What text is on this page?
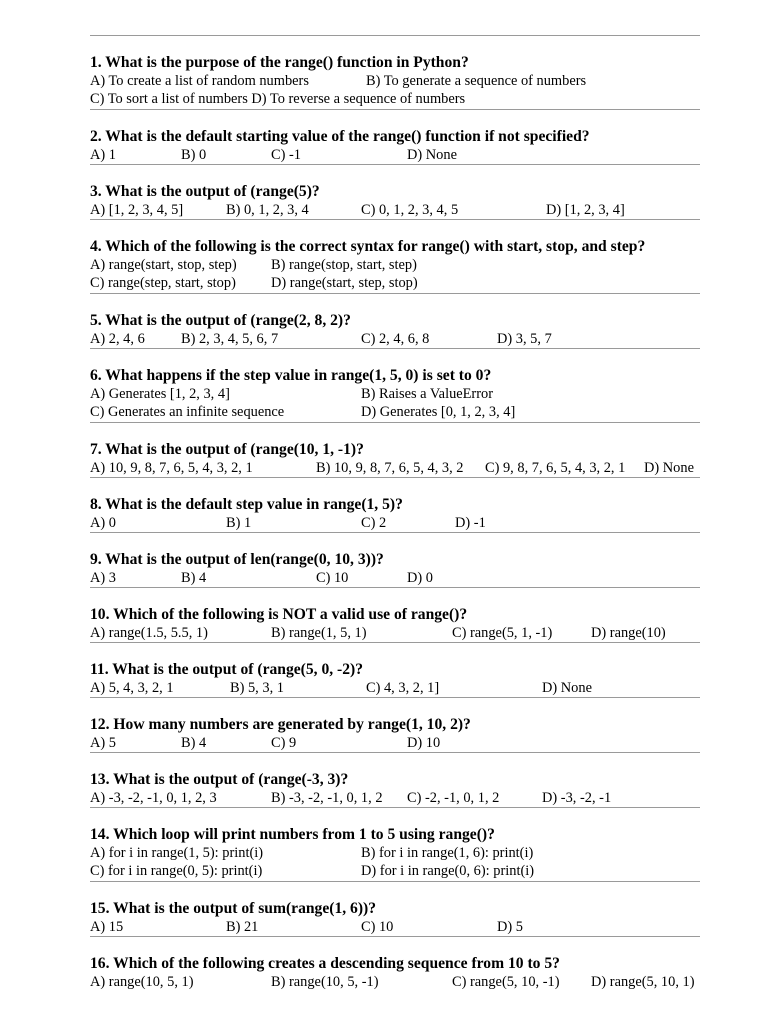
1. What is the purpose of the range() function in Python?
A) To create a list of random numbers	B) To generate a sequence of numbers
C) To sort a list of numbers D) To reverse a sequence of numbers
2. What is the default starting value of the range() function if not specified?
A) 1	B) 0	C) -1	D) None
3. What is the output of (range(5)?
A) [1, 2, 3, 4, 5]	B) 0, 1, 2, 3, 4	C) 0, 1, 2, 3, 4, 5	D) [1, 2, 3, 4]
4. Which of the following is the correct syntax for range() with start, stop, and step?
A) range(start, stop, step) B) range(stop, start, step)
C) range(step, start, stop) D) range(start, step, stop)
5. What is the output of (range(2, 8, 2)?
A) 2, 4, 6	B) 2, 3, 4, 5, 6, 7	C) 2, 4, 6, 8	D) 3, 5, 7
6. What happens if the step value in range(1, 5, 0) is set to 0?
A) Generates [1, 2, 3, 4]	B) Raises a ValueError
C) Generates an infinite sequence	D) Generates [0, 1, 2, 3, 4]
7. What is the output of (range(10, 1, -1)?
A) 10, 9, 8, 7, 6, 5, 4, 3, 2, 1	B) 10, 9, 8, 7, 6, 5, 4, 3, 2 C) 9, 8, 7, 6, 5, 4, 3, 2, 1 D) None
8. What is the default step value in range(1, 5)?
A) 0	B) 1	C) 2	D) -1
9. What is the output of len(range(0, 10, 3))?
A) 3	B) 4	C) 10	D) 0
10. Which of the following is NOT a valid use of range()?
A) range(1.5, 5.5, 1)	B) range(1, 5, 1)	C) range(5, 1, -1)	D) range(10)
11. What is the output of (range(5, 0, -2)?
A) 5, 4, 3, 2, 1	B) 5, 3, 1	C) 4, 3, 2, 1]	D) None
12. How many numbers are generated by range(1, 10, 2)?
A) 5	B) 4	C) 9	D) 10
13. What is the output of (range(-3, 3)?
A) -3, -2, -1, 0, 1, 2, 3	B) -3, -2, -1, 0, 1, 2 C) -2, -1, 0, 1, 2	D) -3, -2, -1
14. Which loop will print numbers from 1 to 5 using range()?
A) for i in range(1, 5): print(i)	B) for i in range(1, 6): print(i)
C) for i in range(0, 5): print(i)	D) for i in range(0, 6): print(i)
15. What is the output of sum(range(1, 6))?
A) 15	B) 21	C) 10	D) 5
16. Which of the following creates a descending sequence from 10 to 5?
A) range(10, 5, 1)	B) range(10, 5, -1)	C) range(5, 10, -1) D) range(5, 10, 1)
